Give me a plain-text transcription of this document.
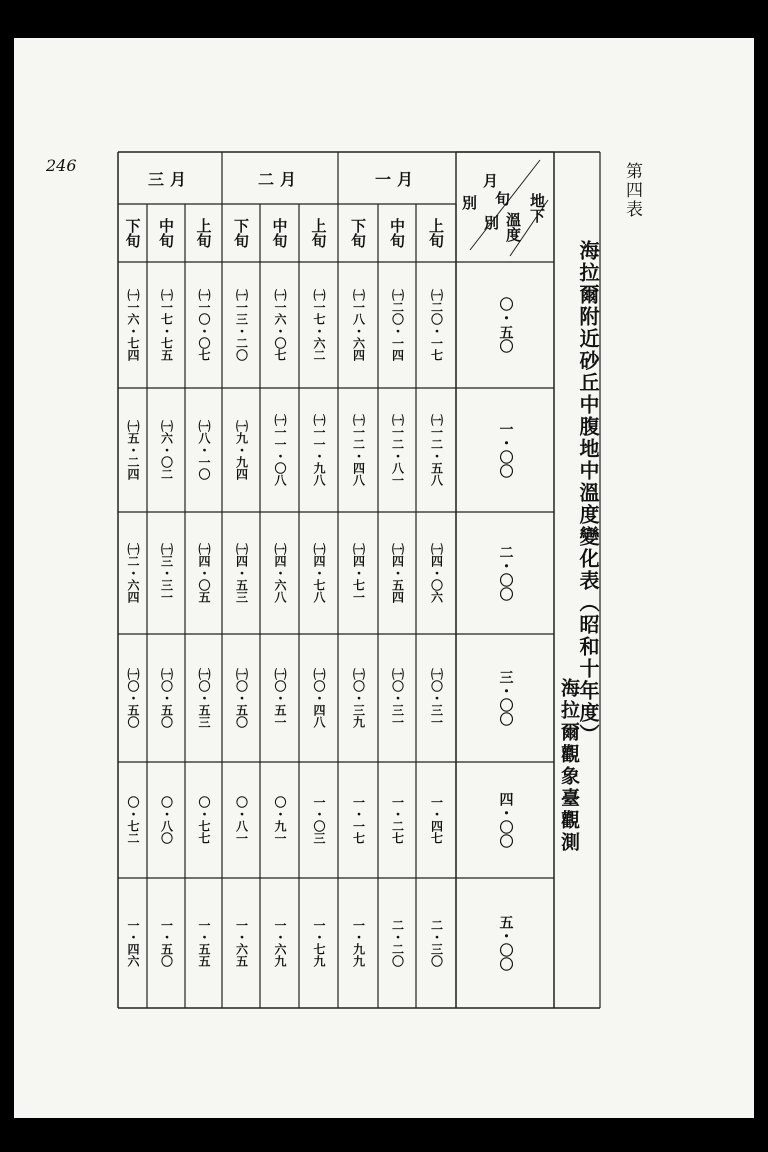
246	第四表
海拉爾附近砂丘中腹地中溫度變化表（昭和十年度）
海拉爾觀象臺觀測
一月
二月
三月
上旬
中旬
下旬
上旬
中旬
下旬
上旬
中旬
下旬
月
旬
別
別 地下
溫度
〇・五〇
一・〇〇
二・〇〇
三・〇〇
四・〇〇
五・〇〇
㈠二〇・一七
㈠二〇・一四
㈠一八・六四
㈠一七・六二
㈠一六・〇七
㈠一三・二〇
㈠一〇・〇七
㈠一七・七五
㈠一六・七四
㈠一二・五八
㈠一二・八一
㈠一二・四八
㈠一一・九八
㈠一一・〇八
㈠九・九四
㈠八・一〇
㈠六・〇二
㈠五・二四
㈠四・〇六
㈠四・五四
㈠四・七一
㈠四・七八
㈠四・六八
㈠四・五三
㈠四・〇五
㈠三・三一
㈠二・六四
㈠〇・三一
㈠〇・三一
㈠〇・三九
㈠〇・四八
㈠〇・五一
㈠〇・五〇
㈠〇・五三
㈠〇・五〇
㈠〇・五〇
一・四七
一・二七
一・一七
一・〇三
〇・九一
〇・八一
〇・七七
〇・八〇
〇・七二
二・三〇
二・二〇
一・九九
一・七九
一・六九
一・六五
一・五五
一・五〇
一・四六
